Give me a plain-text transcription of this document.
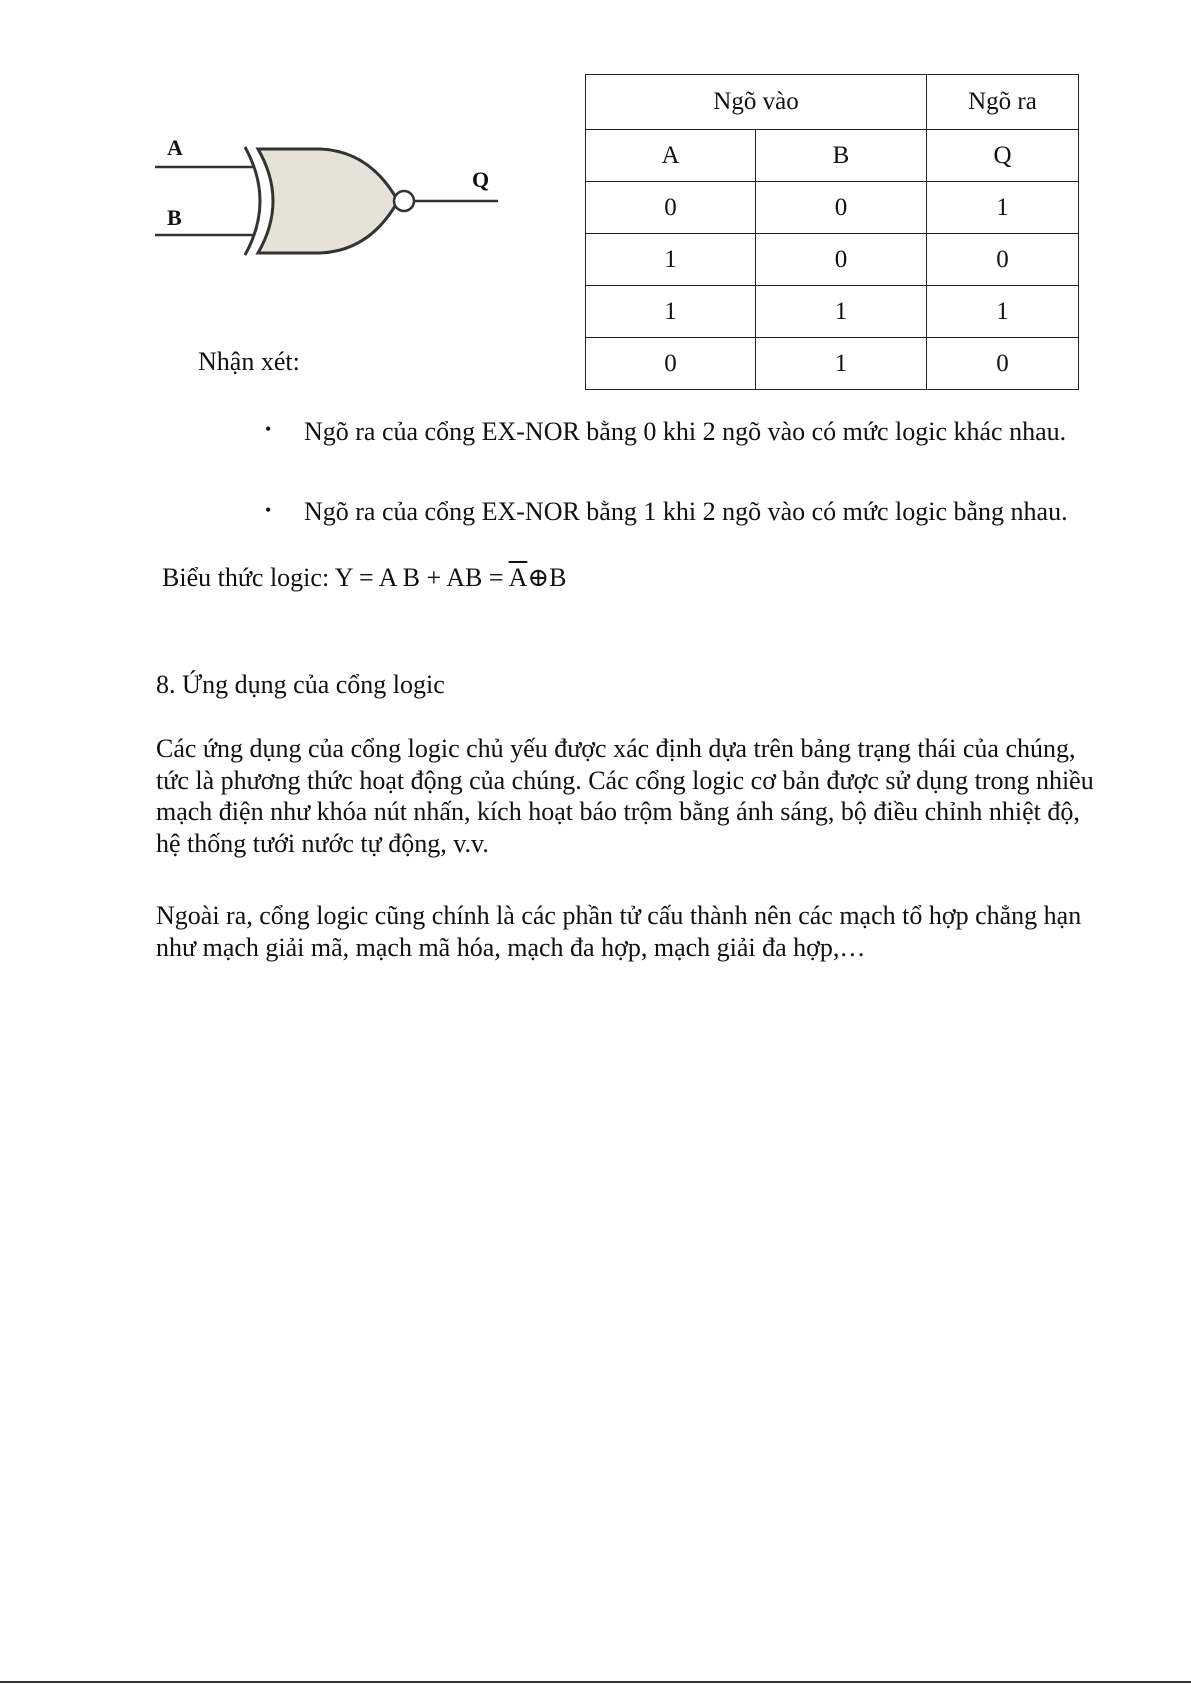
A
B
Q
Ngõ vào		Ngõ ra
A	B	Q
0	0	1
1	0	0
1	1	1
0	1	0
Nhận xét:
• Ngõ ra của cổng EX-NOR bằng 0 khi 2 ngõ vào có mức logic khác nhau.
• Ngõ ra của cổng EX-NOR bằng 1 khi 2 ngõ vào có mức logic bằng nhau.
Biểu thức logic: Y = A B + AB = $\overline{A}\oplus B$
8. Ứng dụng của cổng logic
Các ứng dụng của cổng logic chủ yếu được xác định dựa trên bảng trạng thái của chúng, tức là phương thức hoạt động của chúng. Các cổng logic cơ bản được sử dụng trong nhiều mạch điện như khóa nút nhấn, kích hoạt báo trộm bằng ánh sáng, bộ điều chỉnh nhiệt độ, hệ thống tưới nước tự động, v.v.
Ngoài ra, cổng logic cũng chính là các phần tử cấu thành nên các mạch tổ hợp chẳng hạn như mạch giải mã, mạch mã hóa, mạch đa hợp, mạch giải đa hợp,…
